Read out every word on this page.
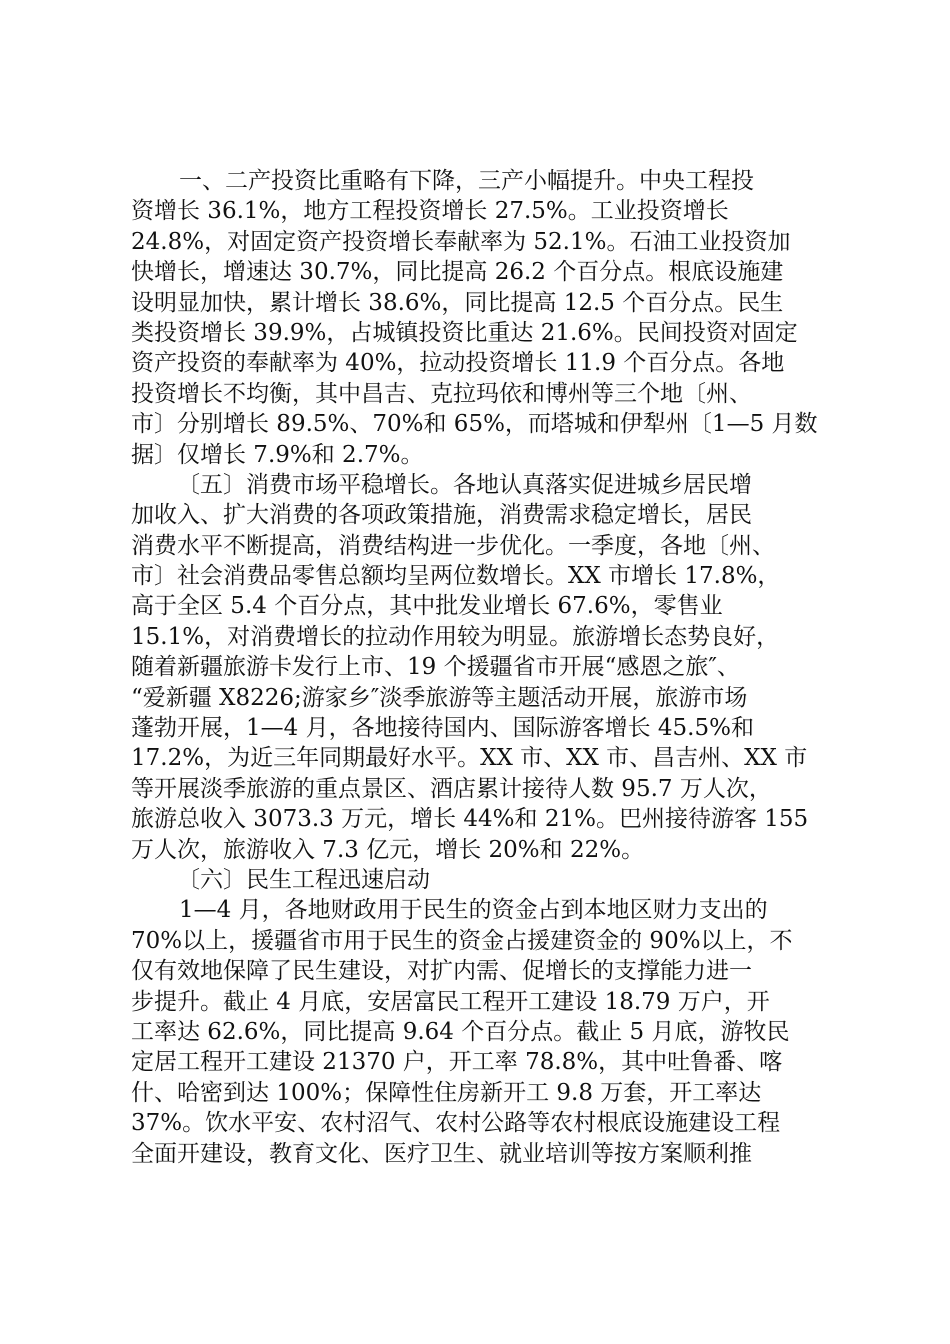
一、二产投资比重略有下降，三产小幅提升。中央工程投
资增长 36.1%，地方工程投资增长 27.5%。工业投资增长
24.8%，对固定资产投资增长奉献率为 52.1%。石油工业投资加
快增长，增速达 30.7%，同比提高 26.2 个百分点。根底设施建
设明显加快，累计增长 38.6%，同比提高 12.5 个百分点。民生
类投资增长 39.9%，占城镇投资比重达 21.6%。民间投资对固定
资产投资的奉献率为 40%，拉动投资增长 11.9 个百分点。各地
投资增长不均衡，其中昌吉、克拉玛依和博州等三个地〔州、
市〕分别增长 89.5%、70%和 65%，而塔城和伊犁州〔1—5 月数
据〕仅增长 7.9%和 2.7%。
〔五〕消费市场平稳增长。各地认真落实促进城乡居民增
加收入、扩大消费的各项政策措施，消费需求稳定增长，居民
消费水平不断提高，消费结构进一步优化。一季度，各地〔州、
市〕社会消费品零售总额均呈两位数增长。XX 市增长 17.8%，
高于全区 5.4 个百分点，其中批发业增长 67.6%，零售业
15.1%，对消费增长的拉动作用较为明显。旅游增长态势良好，
随着新疆旅游卡发行上市、19 个援疆省市开展“感恩之旅″、
“爱新疆 X8226;游家乡″淡季旅游等主题活动开展，旅游市场
蓬勃开展，1—4 月，各地接待国内、国际游客增长 45.5%和
17.2%，为近三年同期最好水平。XX 市、XX 市、昌吉州、XX 市
等开展淡季旅游的重点景区、酒店累计接待人数 95.7 万人次，
旅游总收入 3073.3 万元，增长 44%和 21%。巴州接待游客 155
万人次，旅游收入 7.3 亿元，增长 20%和 22%。
〔六〕民生工程迅速启动
1—4 月，各地财政用于民生的资金占到本地区财力支出的
70%以上，援疆省市用于民生的资金占援建资金的 90%以上，不
仅有效地保障了民生建设，对扩内需、促增长的支撑能力进一
步提升。截止 4 月底，安居富民工程开工建设 18.79 万户，开
工率达 62.6%，同比提高 9.64 个百分点。截止 5 月底，游牧民
定居工程开工建设 21370 户，开工率 78.8%，其中吐鲁番、喀
什、哈密到达 100%；保障性住房新开工 9.8 万套，开工率达
37%。饮水平安、农村沼气、农村公路等农村根底设施建设工程
全面开建设，教育文化、医疗卫生、就业培训等按方案顺利推
